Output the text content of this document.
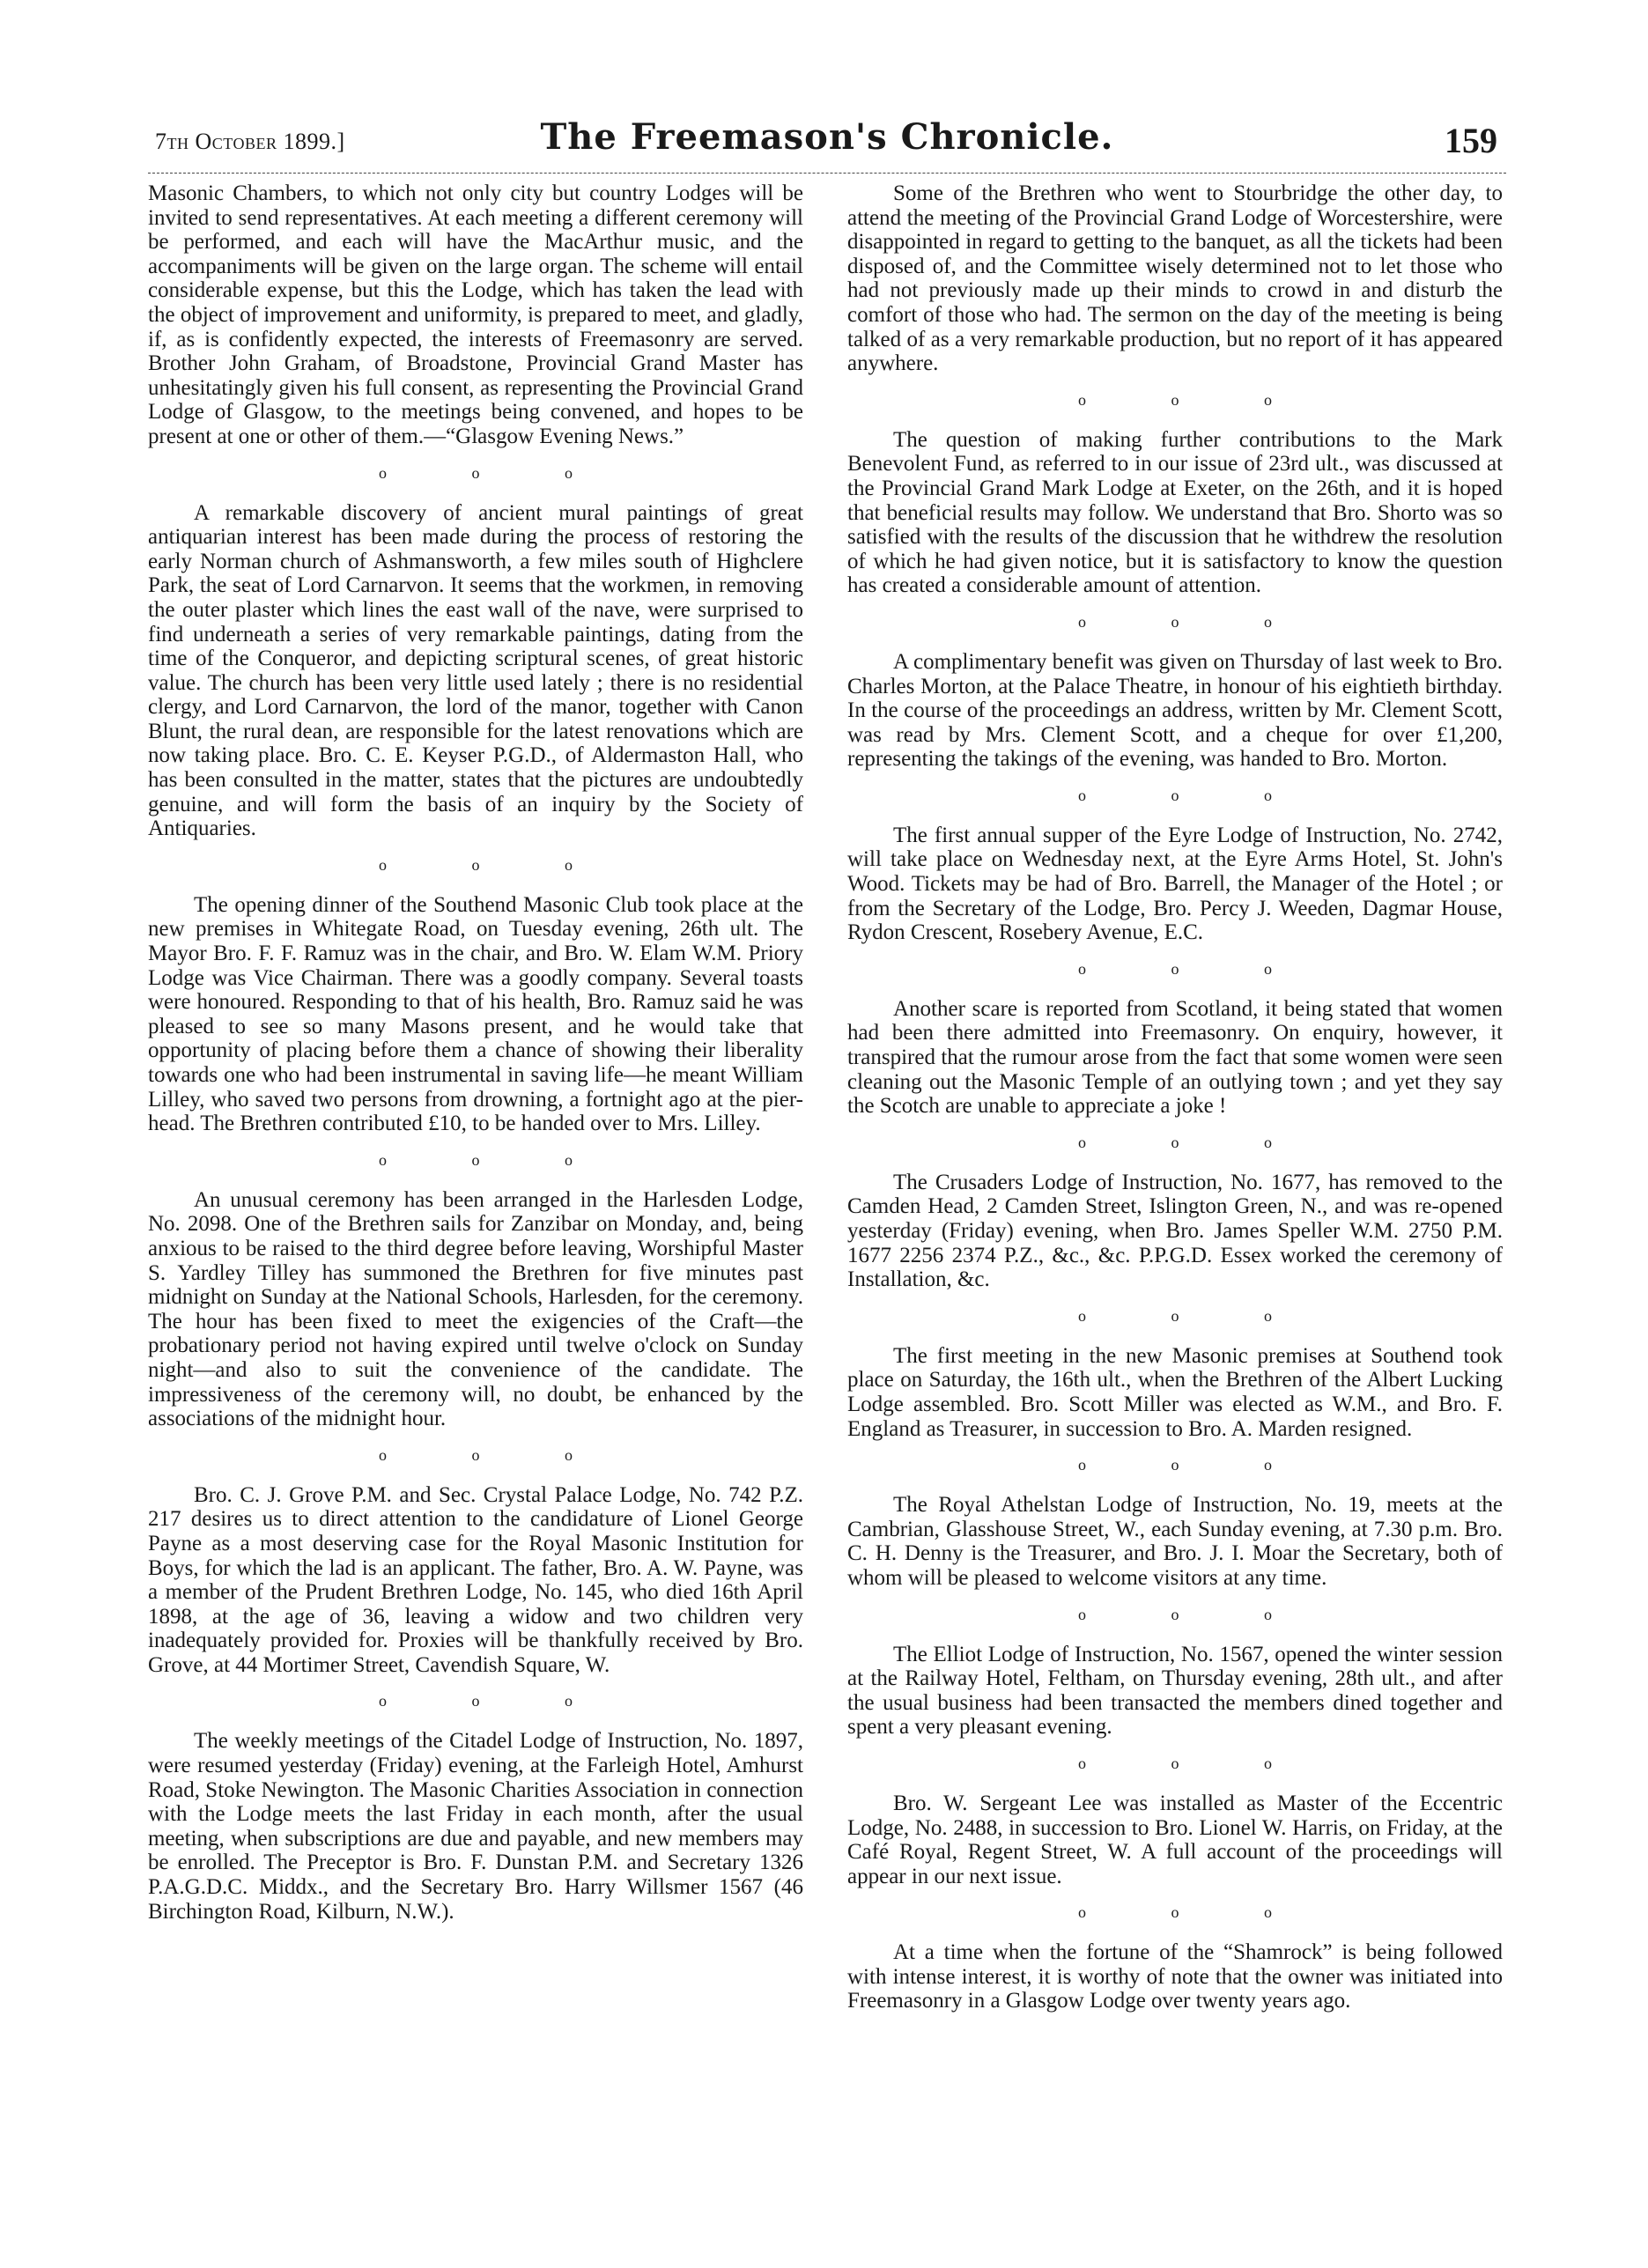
7th October 1899.]	The Freemason's Chronicle.	159

Masonic Chambers, to which not only city but country Lodges will be invited to send representatives. At each meeting a different ceremony will be performed, and each will have the MacArthur music, and the accompaniments will be given on the large organ. The scheme will entail considerable expense, but this the Lodge, which has taken the lead with the object of improvement and uniformity, is prepared to meet, and gladly, if, as is confidently expected, the interests of Freemasonry are served. Brother John Graham, of Broadstone, Provincial Grand Master has unhesitatingly given his full consent, as representing the Provincial Grand Lodge of Glasgow, to the meetings being convened, and hopes to be present at one or other of them.—“Glasgow Evening News.”

o o o

A remarkable discovery of ancient mural paintings of great antiquarian interest has been made during the process of restoring the early Norman church of Ashmansworth, a few miles south of Highclere Park, the seat of Lord Carnarvon. It seems that the workmen, in removing the outer plaster which lines the east wall of the nave, were surprised to find underneath a series of very remarkable paintings, dating from the time of the Conqueror, and depicting scriptural scenes, of great historic value. The church has been very little used lately ; there is no residential clergy, and Lord Carnarvon, the lord of the manor, together with Canon Blunt, the rural dean, are responsible for the latest renovations which are now taking place. Bro. C. E. Keyser P.G.D., of Aldermaston Hall, who has been consulted in the matter, states that the pictures are undoubtedly genuine, and will form the basis of an inquiry by the Society of Antiquaries.

o o o

The opening dinner of the Southend Masonic Club took place at the new premises in Whitegate Road, on Tuesday evening, 26th ult. The Mayor Bro. F. F. Ramuz was in the chair, and Bro. W. Elam W.M. Priory Lodge was Vice Chairman. There was a goodly company. Several toasts were honoured. Responding to that of his health, Bro. Ramuz said he was pleased to see so many Masons present, and he would take that opportunity of placing before them a chance of showing their liberality towards one who had been instrumental in saving life—he meant William Lilley, who saved two persons from drowning, a fortnight ago at the pier-head. The Brethren contributed £10, to be handed over to Mrs. Lilley.

o o o

An unusual ceremony has been arranged in the Harlesden Lodge, No. 2098. One of the Brethren sails for Zanzibar on Monday, and, being anxious to be raised to the third degree before leaving, Worshipful Master S. Yardley Tilley has summoned the Brethren for five minutes past midnight on Sunday at the National Schools, Harlesden, for the ceremony. The hour has been fixed to meet the exigencies of the Craft—the probationary period not having expired until twelve o'clock on Sunday night—and also to suit the convenience of the candidate. The impressiveness of the ceremony will, no doubt, be enhanced by the associations of the midnight hour.

o o o

Bro. C. J. Grove P.M. and Sec. Crystal Palace Lodge, No. 742 P.Z. 217 desires us to direct attention to the candidature of Lionel George Payne as a most deserving case for the Royal Masonic Institution for Boys, for which the lad is an applicant. The father, Bro. A. W. Payne, was a member of the Prudent Brethren Lodge, No. 145, who died 16th April 1898, at the age of 36, leaving a widow and two children very inadequately provided for. Proxies will be thankfully received by Bro. Grove, at 44 Mortimer Street, Cavendish Square, W.

o o o

The weekly meetings of the Citadel Lodge of Instruction, No. 1897, were resumed yesterday (Friday) evening, at the Farleigh Hotel, Amhurst Road, Stoke Newington. The Masonic Charities Association in connection with the Lodge meets the last Friday in each month, after the usual meeting, when subscriptions are due and payable, and new members may be enrolled. The Preceptor is Bro. F. Dunstan P.M. and Secretary 1326 P.A.G.D.C. Middx., and the Secretary Bro. Harry Willsmer 1567 (46 Birchington Road, Kilburn, N.W.).

Some of the Brethren who went to Stourbridge the other day, to attend the meeting of the Provincial Grand Lodge of Worcestershire, were disappointed in regard to getting to the banquet, as all the tickets had been disposed of, and the Committee wisely determined not to let those who had not previously made up their minds to crowd in and disturb the comfort of those who had. The sermon on the day of the meeting is being talked of as a very remarkable production, but no report of it has appeared anywhere.

o o o

The question of making further contributions to the Mark Benevolent Fund, as referred to in our issue of 23rd ult., was discussed at the Provincial Grand Mark Lodge at Exeter, on the 26th, and it is hoped that beneficial results may follow. We understand that Bro. Shorto was so satisfied with the results of the discussion that he withdrew the resolution of which he had given notice, but it is satisfactory to know the question has created a considerable amount of attention.

o o o

A complimentary benefit was given on Thursday of last week to Bro. Charles Morton, at the Palace Theatre, in honour of his eightieth birthday. In the course of the proceedings an address, written by Mr. Clement Scott, was read by Mrs. Clement Scott, and a cheque for over £1,200, representing the takings of the evening, was handed to Bro. Morton.

o o o

The first annual supper of the Eyre Lodge of Instruction, No. 2742, will take place on Wednesday next, at the Eyre Arms Hotel, St. John's Wood. Tickets may be had of Bro. Barrell, the Manager of the Hotel ; or from the Secretary of the Lodge, Bro. Percy J. Weeden, Dagmar House, Rydon Crescent, Rosebery Avenue, E.C.

o o o

Another scare is reported from Scotland, it being stated that women had been there admitted into Freemasonry. On enquiry, however, it transpired that the rumour arose from the fact that some women were seen cleaning out the Masonic Temple of an outlying town ; and yet they say the Scotch are unable to appreciate a joke !

o o o

The Crusaders Lodge of Instruction, No. 1677, has removed to the Camden Head, 2 Camden Street, Islington Green, N., and was re-opened yesterday (Friday) evening, when Bro. James Speller W.M. 2750 P.M. 1677 2256 2374 P.Z., &c., &c. P.P.G.D. Essex worked the ceremony of Installation, &c.

o o o

The first meeting in the new Masonic premises at Southend took place on Saturday, the 16th ult., when the Brethren of the Albert Lucking Lodge assembled. Bro. Scott Miller was elected as W.M., and Bro. F. England as Treasurer, in succession to Bro. A. Marden resigned.

o o o

The Royal Athelstan Lodge of Instruction, No. 19, meets at the Cambrian, Glasshouse Street, W., each Sunday evening, at 7.30 p.m. Bro. C. H. Denny is the Treasurer, and Bro. J. I. Moar the Secretary, both of whom will be pleased to welcome visitors at any time.

o o o

The Elliot Lodge of Instruction, No. 1567, opened the winter session at the Railway Hotel, Feltham, on Thursday evening, 28th ult., and after the usual business had been transacted the members dined together and spent a very pleasant evening.

o o o

Bro. W. Sergeant Lee was installed as Master of the Eccentric Lodge, No. 2488, in succession to Bro. Lionel W. Harris, on Friday, at the Café Royal, Regent Street, W. A full account of the proceedings will appear in our next issue.

o o o

At a time when the fortune of the “Shamrock” is being followed with intense interest, it is worthy of note that the owner was initiated into Freemasonry in a Glasgow Lodge over twenty years ago.
